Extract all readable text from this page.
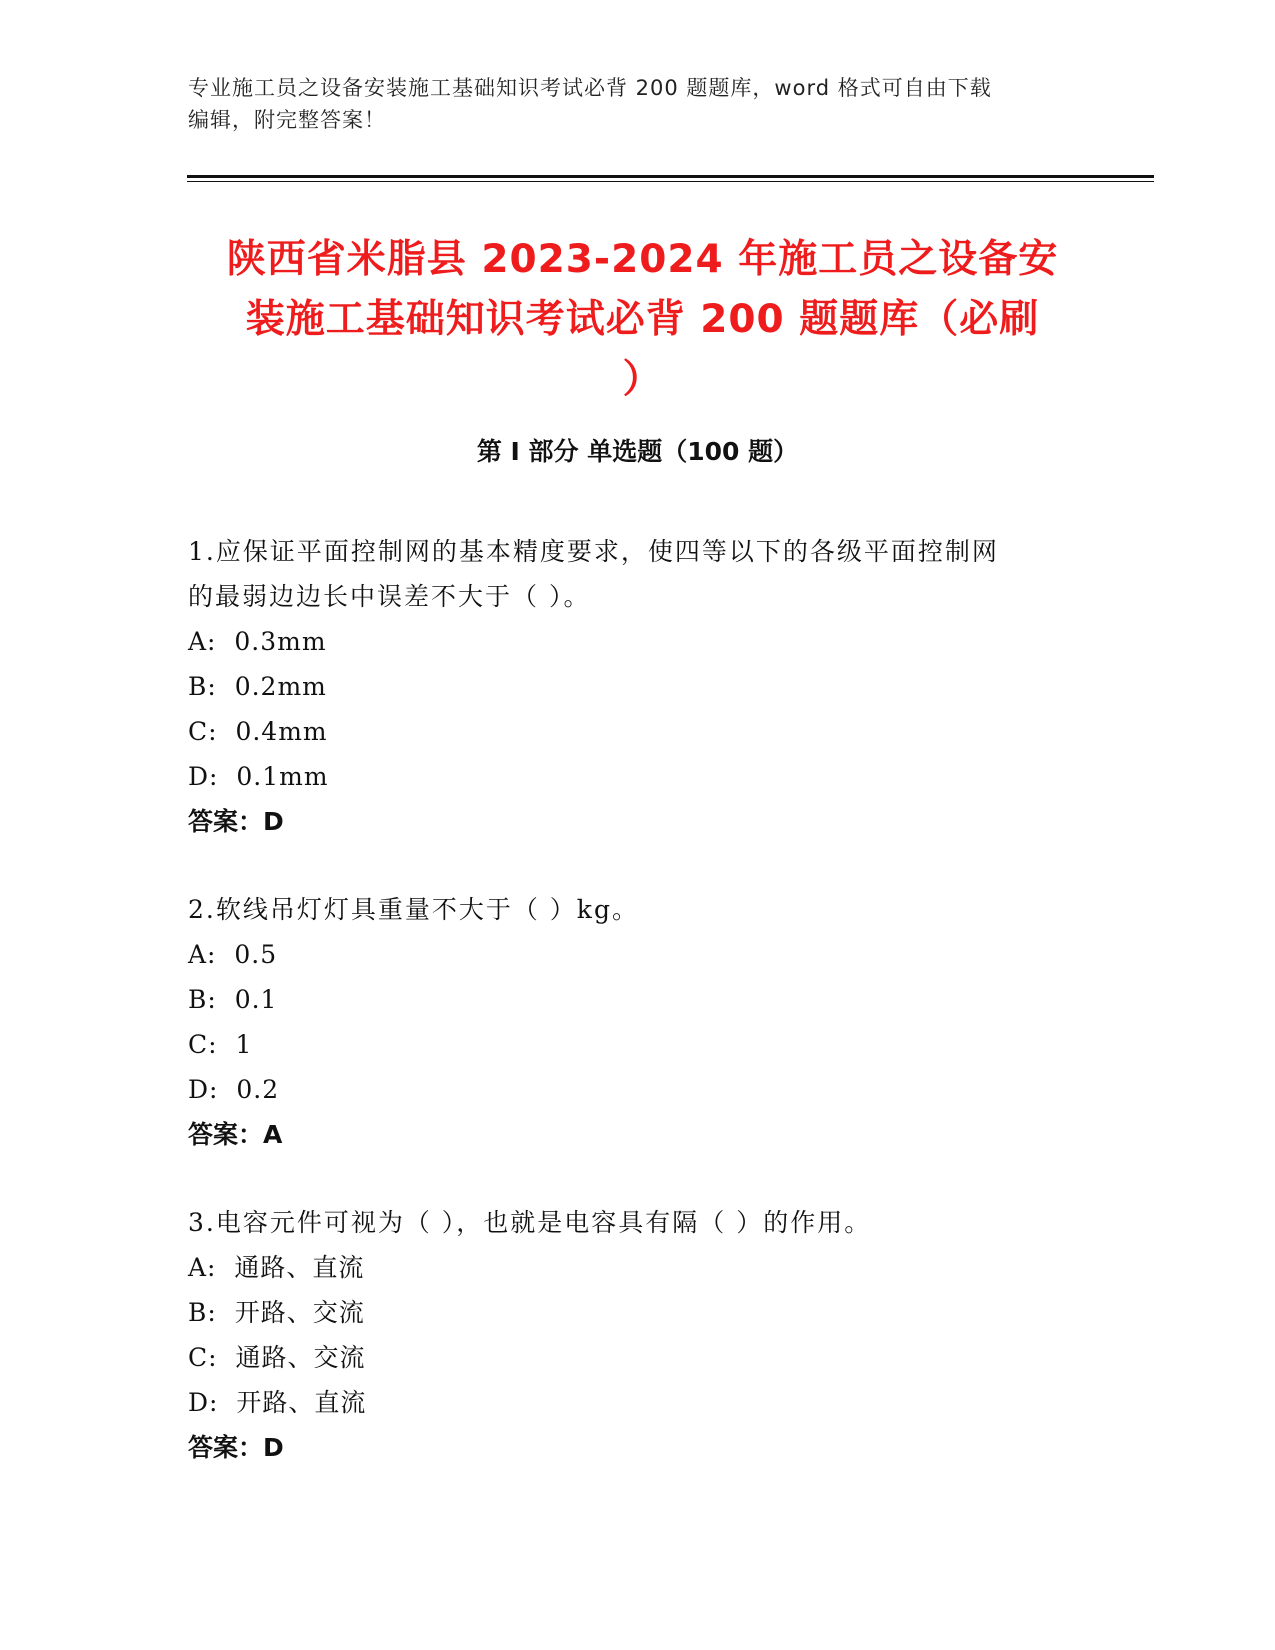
专业施工员之设备安装施工基础知识考试必背 200 题题库，word 格式可自由下载
编辑，附完整答案！
陕西省米脂县 2023-2024 年施工员之设备安
装施工基础知识考试必背 200 题题库（必刷
）
第 I 部分 单选题（100 题）
1.应保证平面控制网的基本精度要求，使四等以下的各级平面控制网
的最弱边边长中误差不大于（ ）。
A:  0.3mm
B:  0.2mm
C:  0.4mm
D:  0.1mm
答案：D
2.软线吊灯灯具重量不大于（ ）kg。
A:  0.5
B:  0.1
C:  1
D:  0.2
答案：A
3.电容元件可视为（ ），也就是电容具有隔（ ）的作用。
A:  通路、直流
B:  开路、交流
C:  通路、交流
D:  开路、直流
答案：D
